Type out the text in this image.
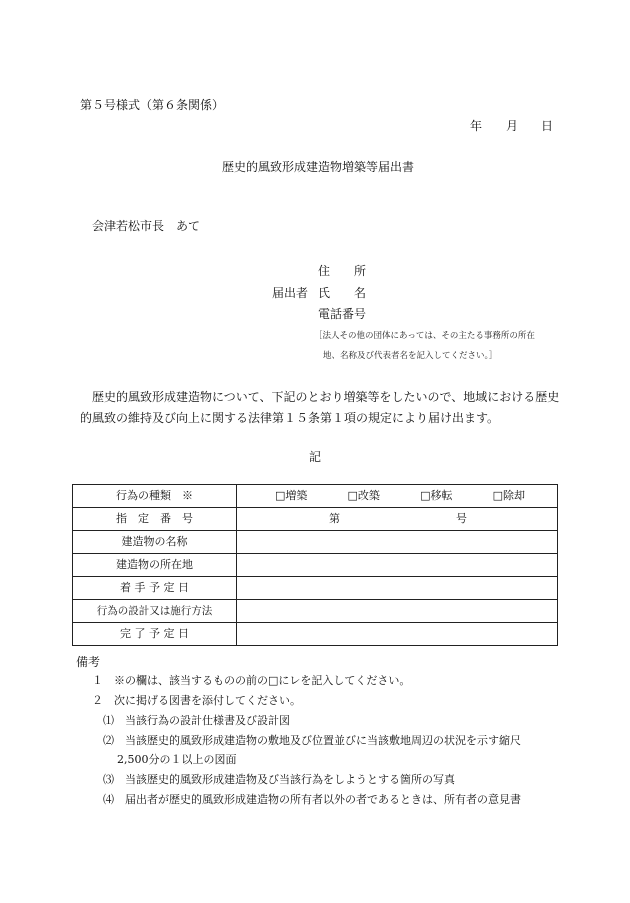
第５号様式（第６条関係）
年 月 日
歴史的風致形成建造物増築等届出書
会津若松市長　あて
住　　所
届出者 氏　　名
電話番号
［法人その他の団体にあっては、その主たる事務所の所在
地、名称及び代表者名を記入してください。］
　歴史的風致形成建造物について、下記のとおり増築等をしたいので、地域における歴史
的風致の維持及び向上に関する法律第１５条第１項の規定により届け出ます。
記
行為の種類　※	□増築 □改築 □移転 □除却

指　定　番　号	第 号

建造物の名称	
建造物の所在地	
着 手 予 定 日	
行為の設計又は施行方法	
完 了 予 定 日	
備考
１　※の欄は、該当するものの前の□にレを記入してください。
２　次に掲げる図書を添付してください。
⑴　当該行為の設計仕様書及び設計図
⑵　当該歴史的風致形成建造物の敷地及び位置並びに当該敷地周辺の状況を示す縮尺
2,500分の１以上の図面
⑶　当該歴史的風致形成建造物及び当該行為をしようとする箇所の写真
⑷　届出者が歴史的風致形成建造物の所有者以外の者であるときは、所有者の意見書
